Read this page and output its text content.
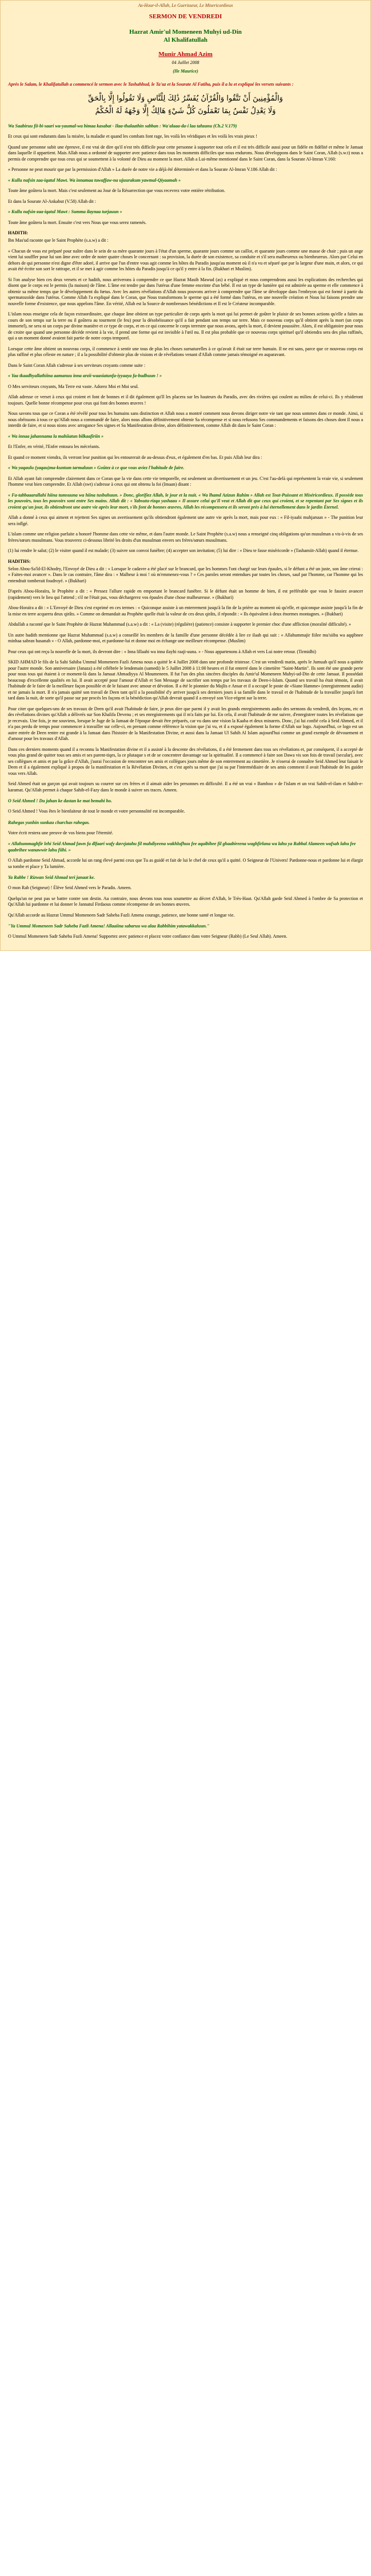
As-Hour-il-Allah, Le Guerisseur, Le Misericordieux
SERMON DE VENDREDI
Hazrat Amir'ul Momeneen Muhyi ud-Din
Al Khalifatullah
Munir Ahmad Azim
04 Juillet 2008
(Ile Maurice)

Après le Salam, le Khalifatullah a commencé le sermon avec le Tashahhud, le Ta'uz et la Sourate Al Fatiha, puis il a lu et expliqué les versets suivants :

وَالْمُؤْمِنِينَ أَنْ تَتَّقُوا وَالْقُرْآنُ يُفَسِّرُ ذَٰلِكَ لِلْنَّاسِ وَلَا تَقُولُوا إِلَّا بِالْحَقِّ
وَلَا يَعْدِلُ نَفْسٌ بِمَا تَعْمَلُونَ كُلُّ شَيْءٍ هَالِكٌ إِلَّا وَجْهَهُ لَهُ الْحُكْمُ

Wa Saabiruu fii-bi-saari wa-yaumal-wa bimaa kasabat - Ilaa-thalaathin sabban : Wa'alaaa-da-i laa tahzanu (Ch.2 V.179)

Et ceux qui sont endurants dans la misère, la maladie et quand les combats font rage, les voilà les véridiques et les voilà les vrais pieux !

Quand une personne subit une épreuve, il est vrai de dire qu'il n'est très difficile pour cette personne à supporter tout cela et il est très difficile aussi pour un fidèle en fidélité et même le Jamaat dans laquelle il appartient. Mais Allah nous a ordonné de supporter avec patience dans tous les moments difficiles que nous endurons. Nous développons dans le Saint Coran, Allah (s.w.t) nous a permis de comprendre que tous ceux qui se soumettent à la volonté de Dieu au moment la mort. Allah a Lui-même mentionné dans le Saint Coran, dans la Sourate Al-Imran V.160:

« Personne ne peut mourir que par la permission d'Allah » La durée de notre vie a déjà été déterminée et dans la Sourate Al-Imran V.186 Allah dit :

« Kullu nafsin zaa-iqatul Mawt. Wa innamaa tuwaffaw-na ujuurakum yawmal-Qiyaamah »

Toute âme goûtera la mort. Mais c'est seulement au Jour de la Résurrection que vous recevrez votre entière rétribution.

Et dans la Sourate Al-Ankabut (V.58) Allah dit :

« Kullu nafsin-zaa-iqatul Mawt : Summa ilaynaa turjauun »

Toute âme goûtera la mort. Ensuite c'est vers Nous que vous serez ramenés.

HADITH:

Ibn Mas'ud raconte que le Saint Prophète (s.a.w) a dit :

« Chacun de vous est préparé pour naître dans le sein de sa mère quarante jours à l'état d'un sperme, quarante jours comme un caillot, et quarante jours comme une masse de chair ; puis un ange vient lui souffler pour lui son âme avec ordre de noter quatre choses le concernant : sa provision, la durée de son existence, sa conduite et s'il sera malheureux ou bienheureux. Alors par Celui en dehors de qui personne n'est digne d'être adoré, il arrive que l'un d'entre vous agit comme les hôtes du Paradis jusqu'au moment où il n'a vu et séparé que par la largeur d'une main, et alors, ce qui avait été écrite son sort le rattrape, et il se met à agir comme les hôtes du Paradis jusqu'à ce qu'il y entre à la fin. (Bukhari et Muslim).

Si l'on analyse bien ces deux versets et ce hadith, nous arriverons à comprendre ce que Hazrat Masih Mawud (as) a expliqué et nous comprendrons aussi les explications des recherches qui disent que le corps est le permis (la maison) de l'âme. L'âme est tendre par dans l'utérus d'une femme enceinte d'un bébé. Il est un type de lumière qui est admirée au sperme et elle commence à obtenir sa même temps que le développement du fœtus. Avec les autres révélations d'Allah nous pouvons arriver à comprendre que l'âme se développe dans l'embryon qui est formé à partir du spermatozoïde dans l'utérus. Comme Allah l'a expliqué dans le Coran, que Nous transformons le sperme qui a été formé dans l'utérus, en une nouvelle création et Nous lui faisons prendre une nouvelle forme d'existence, que nous appelons l'âme. En vérité, Allah est la Source de nombreuses bénédictions et Il est le Créateur incomparable.

L'islam nous enseigne cela de façon extraordinaire, que chaque âme obtient un type particulier de corps après la mort qui lui permet de goûter le plaisir de ses bonnes actions qu'elle a faites au cours de son temps sur la terre ou il goûtera au tourment (le feu) pour la désobéissance qu'il a fait pendant son temps sur terre. Mais ce nouveau corps qu'il obtient après la mort (un corps immortel), ne sera ni un corps par divine manière et ce type de corps, et en ce qui concerne le corps terrestre que nous avons, après la mort, il devient poussière. Alors, il est obligatoire pour nous de croire que quand une personne décède revient à la vie, il prend une forme qui est invisible à l'œil nu. Il est plus probable que ce nouveau corps spirituel qu'il obtiendra sera des plus raffinés, qui a un moment donné avaient fait partie de notre corps temporel.

Lorsque cette âme obtient un nouveau corps, il commence à sentir une tous de plus les choses surnaturelles à ce qu'avait il était sur terre humain. Il ne est sans, parce que ce nouveau corps est plus raffiné et plus céleste en nature ; il a la possibilité d'obtenir plus de visions et de révélations venant d'Allah comme jamais témoigné en auparavant.

Dans le Saint Coran Allah s'adresse à ses serviteurs croyants comme suite :

« Yaa tkaadhyallathiina aamanuu inna arzii-waasiatunfa-iyyaaya fa-budhuun ! »

O Mes serviteurs croyants, Ma Terre est vaste. Adorez Moi et Moi seul.

Allah adresse ce verset à ceux qui croient et font de bonnes et il dit également qu'Il les placera sur les hauteurs du Paradis, avec des rivières qui coulent au milieu de celui-ci. Ils y résideront toujours. Quelle bonne récompense pour ceux qui font des bonnes œuvres !

Nous savons tous que ce Coran a été révélé pour tous les humains sans distinction et Allah nous a montré comment nous devons diriger notre vie tant que nous sommes dans ce monde. Ainsi, si nous obéissons à tous ce qu'Allah nous a commandé de faire, alors nous allons définitivement obtenir Sa récompense et si nous refusons Ses commandements et faisons des choses dont Il nous a interdit de faire, et si nous nions avec arrogance Ses signes et Sa Manifestation divine, alors définitivement, comme Allah dit dans le Saint Coran :

« Wa innaa jahannama la mahiiatun bilkaafiriin »

Et l'Enfer, en vérité, l'Enfer entoura les mécréants.

Et quand ce moment viendra, ils verront leur punition qui les entourerait de au-dessus d'eux, et également d'en bas. Et puis Allah leur dira :

« Wa yaqaulu (yaqau)ma-kuntum tarmaluun » Goûtez à ce que vous aviez l'habitude de faire.

Et Allah ayant fait comprendre clairement dans ce Coran que la vie dans cette vie temporelle, est seulement un divertissement et un jeu. C'est l'au-delà qui représentent la vraie vie, si seulement l'homme veut bien comprendre. Et Allah (swt) s'adresse à ceux qui ont obtenu la foi (Imaan) disant :

« Fa-tabbaaarallahi hiina tumsuuna wa hiina tusbuhuun. » Donc, glorifiez Allah, le jour et la nuit. « Wa lhamd Azizun Rahim » Allah est Tout-Puissant et Miséricordieux. Il possède tous les pouvoirs, tous les pouvoirs sont entre Ses mains. Allah dit : « Yabsutu-rizqa yashaau » Il assure celui qu'Il veut et Allah dit que ceux qui croient, et se repentant par Ses signes et ils croient qu'un jour, ils obtiendront une autre vie après leur mort, s'ils font de bonnes œuvres, Allah les récompensera et ils seront près à lui éternellement dans le jardin Éternel.

Allah a donné à ceux qui aiment et rejettent Ses signes un avertissement qu'ils obtiendront également une autre vie après la mort, mais pour eux : « Fil-iyaabi muhjaruun » - The punition leur sera inflgé.

L'islam comme une religion parfaite a honoré l'homme dans cette vie même, et dans l'autre monde. Le Saint Prophète (s.a.w) nous a renseigné cinq obligations qu'un musulman a vis-à-vis de ses frères/sœurs musulmans. Vous trouverez ci-dessous librité les droits d'un musulman envers ses frères/sœurs musulmans.

(1) lui rendre le salut; (2) le visiter quand il est malade; (3) suivre son convoi funèbre; (4) accepter son invitation; (5) lui dire : « Dieu te fasse miséricorde » (Tashamiit-Allah) quand il éternue.

HADITHS:

Selon Abou-Sa'îd-El-Khodry, l'Envoyé de Dieu a dit : « Lorsque le cadavre a été placé sur le brancard, que les hommes l'ont chargé sur leurs épaules, si le défunt a été un juste, son âme crierai : « Faites-moi avancer ». Dans le cas contraire, l'âme dira : « Malheur à moi ! où m'emmenez-vous ? » Ces paroles seront entendues par toutes les choses, sauf par l'homme, car l'homme qui les entendrait tomberait foudroyé. » (Bukhari)

D'après Abou-Horaïra, le Prophète a dit : « Pressez l'allure rapide en emportant le brancard funèbre. Si le défunt était un homme de bien, il est préférable que vous le fassiez avancer (rapidement) vers le lieu qui l'attend ; s'il ne l'était pas, vous déchargerez vos épaules d'une chose malheureuse. » (Bukhari)

Abou-Horaïra a dit : « L'Envoyé de Dieu s'est exprimé en ces termes : « Quiconque assiste à un enterrement jusqu'à la fin de la prière au moment où qu'elle, et quiconque assiste jusqu'à la fin de la mise en terre acquerra deux qirâts. » Comme on demandait au Prophète quelle était la valeur de ces deux qirâts, il répondit : « Ils équivalent à deux énormes montagnes. » (Bukhari)

Abdullah a raconté que le Saint Prophète de Hazrat Muhammad (s.a.w) a dit : « La (visite) (régulière) (patience) consiste à supporter le premier choc d'une affliction (moralité difficulté). »

Un autre hadith mentionne que Hazrat Muhammad (s.a.w) a conseillé les membres de la famille d'une personne décédée à lire ce ilaah qui suit : « Allahummajir fiilee mu'siibu wa aqqibnee minhaa sabran hasanah » - O Allah, pardonne-moi, et pardonne-lui et donne moi en échange une meilleure récompense. (Muslim)

Pour ceux qui ont reçu la nouvelle de la mort, ils devront dire : « Inna lillaahi wa inna ilayhi raaji-uuna. » - Nous appartenons à Allah et vers Lui notre retour. (Tirmidhi)

SKID AHMAD le fils de la Sahi Sahiba Ummul Momeneen Fazli Amena nous a quitté le 4 Juillet 2008 dans une profonde tristesse. C'est un vendredi matin, après le Jumuah qu'il nous a quittée pour l'autre monde. Son anniversaire (Janaza) a été célébrée le lendemain (samedi) le 5 Juillet 2008 à 11:00 heures et il fut enterré dans le cimetière "Saint-Martin". Ils sont été une grande perte pour nous tous qui étaient à ce moment-là dans la Jamaat Ahmadiyya Al Moumeneen. Il fut l'un des plus sincères disciples du Amir'ul Momeneen Muhyi-ud-Din de cette Jamaat. Il possédait beaucoup d'excellente qualités en lui. Il avait accepté pour l'amour d'Allah et Son Message de sacrifier son temps par les travaux de Deen-i-Islam. Quand ses travail ha était témoin, il avait l'habitude de le faire de la meilleure façon possible et de le faisant avec amour et dévotion. Il a été le pionnier du Majlis e Ansar et il a occupé le poste de «Siane Hamme» (enregistrement audio) et ne jamais la mort. Il n'a jamais quitté son travail de Deen tant qu'il a la possibilité d'y arriver jusqu'à ses derniers jours à sa famille dans le travail et de l'habitude de la travailler jusqu'à fort tard dans la nuit, de sorte qu'il passe sur par procès les façons et la bénédiction qu'Allah devrait quand il a envoyé son Vice-régent sur la terre.

Pour citer que quelques-uns de ses travaux de Deen qu'il avait l'habitude de faire, je peux dire que parmi il y avait les grands enregistrements audio des sermons du vendredi, des leçons, etc et des révélations divines qu'Allah a délivrés sur Son Khalifa Devenu ; et ses enregistrements qui il m'a faits par lui. En cela, il avait l'habitude de me suivre, d'enregistrer toutes les révélations que je recevais. Une fois, je me souviens, lorsque le Juge de la Jamaat de l'époque devait être préparés, car vu dans une vision la Kaaba et deux minarets. Donc, j'ai lui confié cela à Seid Ahmed, et il n'a pas perdu de temps pour commencer à travailler sur celle-ci, en prenant comme référence la vision que j'ai vu, et il a exposé également la forme d'Allah sur logo. Aujourd'hui, ce logo est un autre entrée de Deen rentre est grande à la Jamaat dans l'histoire de la Manifestation Divine, et aussi dans la Jamaat Ul Sahih Al Islam aujourd'hui comme un grand exemple de dévouement et d'amour pour les travaux d'Allah.

Dans ces derniers moments quand il a reconnu la Manifestation divine et il a assisté à la descente des révélations, il a été fermement dans tous ses révélations et, par conséquent, il a accepté de vous plus grand de quitter tous ses amis et ses parent-tiqes, la ce plutaque s et de se concentrer davantage sur la spiritualité. Il a commencé à faire son Dawa vis son fois de travail (secular), avec ses collègues et amis et par la grâce d'Allah, j'aurai l'occasion de rencontrer ses amis et collègues jours même de son enterrement au cimetière. Je n'oserai de connaître Seid Ahmed leur faisait le Deen et il a également expliqué à propos de la manifestation et la Révélation Divines, et c'est après sa mort que j'ai su par l'intermédiaire de ses amis comment il avait l'habitude de les guider vous vers Allah.

Seid Ahmed était un garçon qui avait toujours su courrer sur ces frères et il aimait aider les personnes en difficulté. Il a été un vrai « Bamboo » de l'islam et un vrai Sahib-el-ilam et Sahib-e-karamat. Qu'Allah permet à chaque Sahib-el-Fazy dans le monde à suivre ses traces. Ameen.

O Seid Ahmed ! Du jahan ke dastan ke mat bemahi ho.

O Seid Ahmed ! Vous êtes le bienfaiteur de tout le monde et votre personnalité est incomparable.

Rahegas yunhin sunkau charchas rahegas.

Votre écrit restera une preuve de vos biens pour l'éternité.

« Allahummaghfir lehi Seid Ahmad fawn fa dlfaari wafy davvjatahu fil mahdiyeena wakhlufhuu fee aqaibihee fil ghaabireena waghfirlana wa lahu ya Rabbal Alameen wafsah lahu fee qaabrihee wanawwir lahu fiihi. »

O Allah pardonne Seid Ahmad, accorde lui un rang élevé parmi ceux que Tu as guidé et fait de lui le chef de ceux qu'il a quitté. O Seigneur de l'Univers! Pardonne-nous et pardonne lui et élargir sa tombe et place y Ta lumière.

Ya Rabbe ! Rizwan Seid Ahmad teri janaat ke.

O mon Rab (Seigneur) ! Élève Seid Ahmed vers le Paradis. Ameen.

Quelqu'un ne peut pas se battre contre son destin. Au contraire, nous devons tous nous soumettre au décret d'Allah, le Très-Haut. Qu'Allah garde Seid Ahmed à l'ombre de Sa protection et Qu'Allah lui pardonne et lui donner le Jannatul Firdaous comme récompense de ses bonnes œuvres.

Qu'Allah accorde au Hazrat Ummul Momeneen Sadr Saheba Fazli Amena courage, patience, une bonne santé et longue vie.

"Ya Ummul Momeneen Sadr Saheba Fazli Amena! Allaaiina sabaruu wa alaa Rabbihim yatawakkaluun."

O Ummul Momeneen Sadr Saheba Fazli Amena! Supportez avec patience et placez votre confiance dans votre Seigneur (Rabb) (Le Seul Allah). Ameen.
